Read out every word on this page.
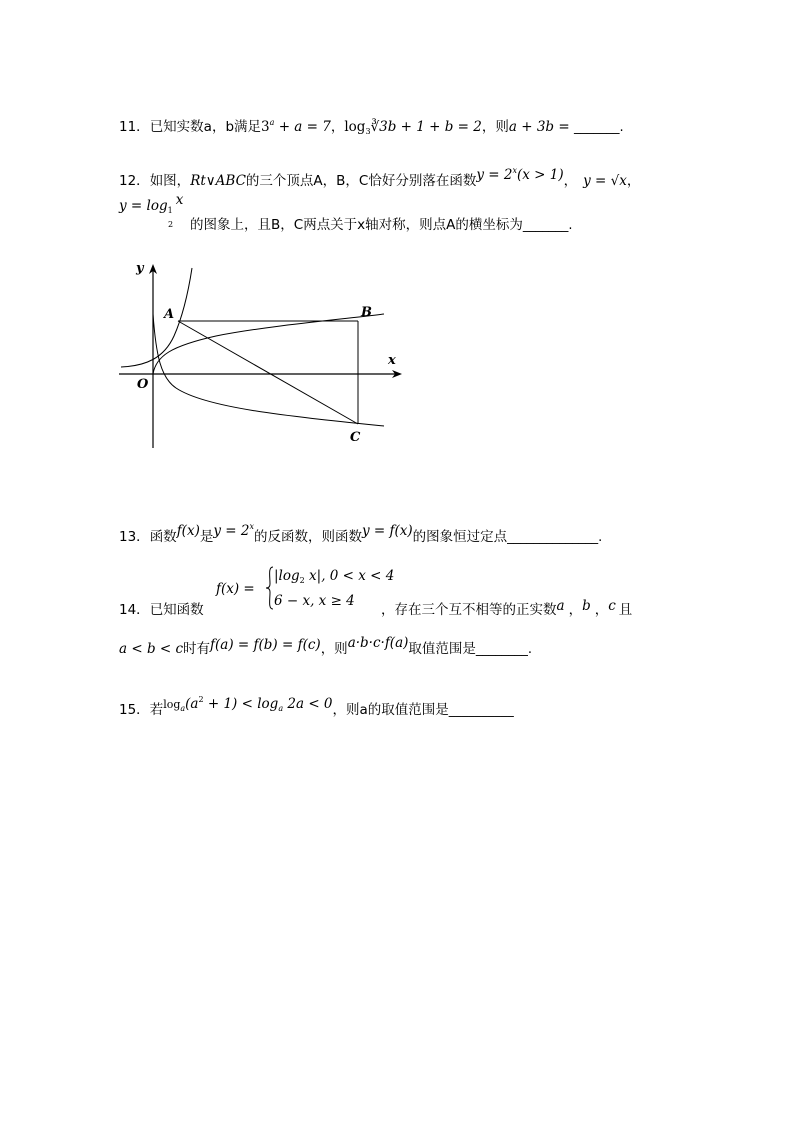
11．已知实数a，b满足$3^a + a = 7$，$\log_3∛3b + 1 + b = 2$，则a + 3b = _______.
12．如图，Rt∨ABC的三个顶点A，B，C恰好分别落在函数$y = 2^x(x > 1)$， y = √x，
$y = \log_1x$
2 的图象上，且B，C两点关于x轴对称，则点A的横坐标为_______.
y
x
O
A	B
C
13．函数f(x)是$y = 2^x$的反函数，则函数y = f(x)的图象恒过定点______________.
f(x) =
$|\log_2$ x|, 0 < x < 4
6 − x, x ≥ 4
14．已知函数	，存在三个互不相等的正实数a ，b ，c 且
a < b < c时有f(a) = f(b) = f(c)，则a·b·c·f(a)取值范围是________.
15．若$^{loga}(a^2 + 1) < \log^a 2a < 0$，则a的取值范围是__________
